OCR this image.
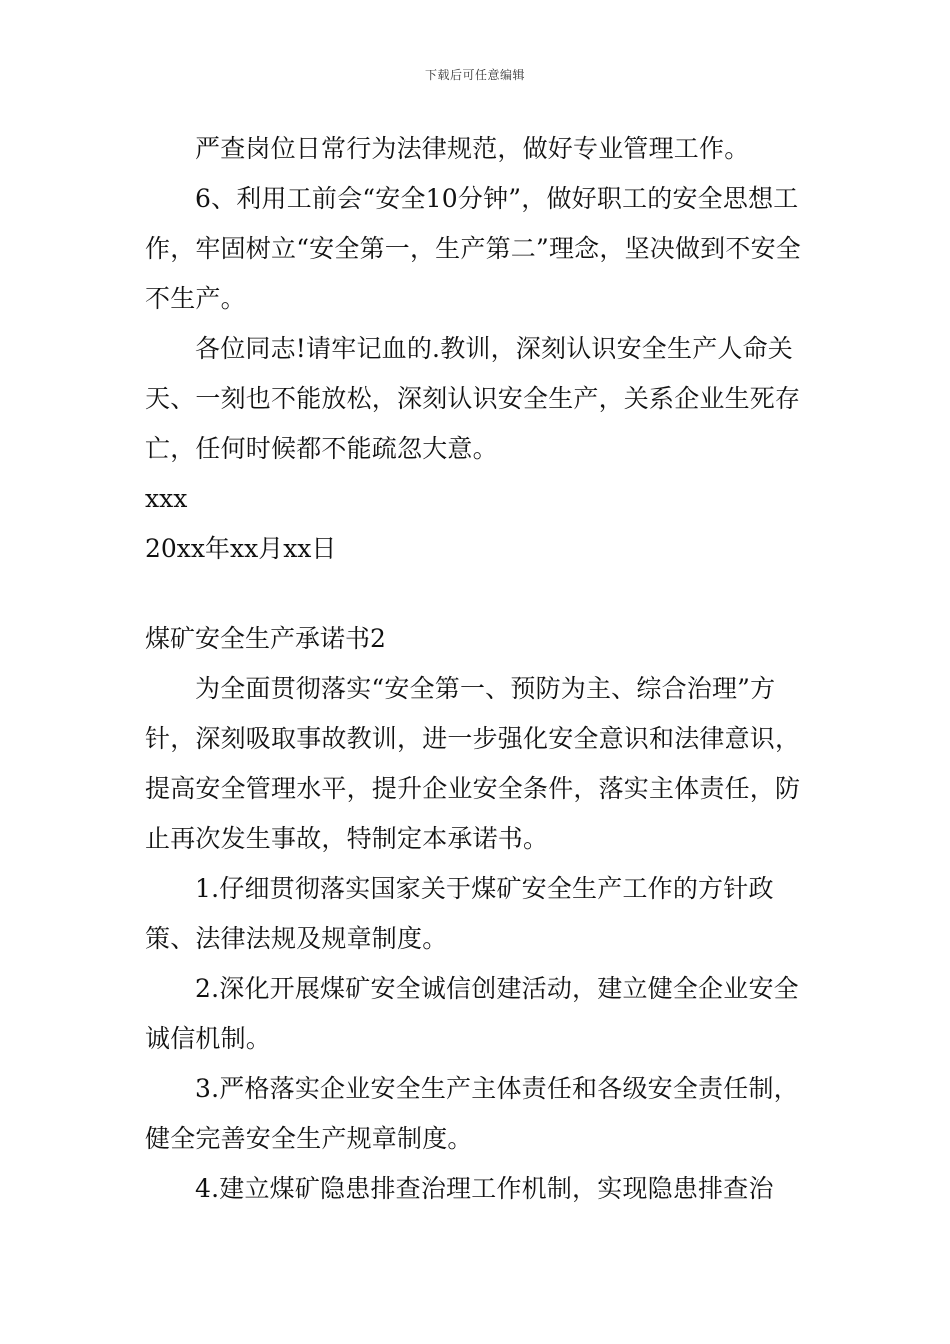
下载后可任意编辑

严查岗位日常行为法律规范，做好专业管理工作。

6、利用工前会“安全10分钟”，做好职工的安全思想工作，牢固树立“安全第一，生产第二”理念，坚决做到不安全不生产。

各位同志!请牢记血的.教训，深刻认识安全生产人命关天、一刻也不能放松，深刻认识安全生产，关系企业生死存亡，任何时候都不能疏忽大意。

xxx

20xx年xx月xx日

煤矿安全生产承诺书2

为全面贯彻落实“安全第一、预防为主、综合治理”方针，深刻吸取事故教训，进一步强化安全意识和法律意识，提高安全管理水平，提升企业安全条件，落实主体责任，防止再次发生事故，特制定本承诺书。

1.仔细贯彻落实国家关于煤矿安全生产工作的方针政策、法律法规及规章制度。

2.深化开展煤矿安全诚信创建活动，建立健全企业安全诚信机制。

3.严格落实企业安全生产主体责任和各级安全责任制，健全完善安全生产规章制度。

4.建立煤矿隐患排查治理工作机制，实现隐患排查治
